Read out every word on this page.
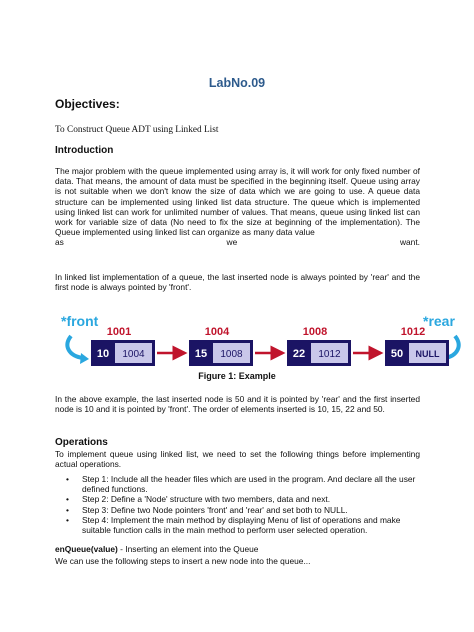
LabNo.09
Objectives:
To Construct Queue ADT using Linked List
Introduction
The major problem with the queue implemented using array is, it will work for only fixed number of data. That means, the amount of data must be specified in the beginning itself. Queue using array is not suitable when we don't know the size of data which we are going to use. A queue data structure can be implemented using linked list data structure. The queue which is implemented using linked list can work for unlimited number of values. That means, queue using linked list can work for variable size of data (No need to fix the size at beginning of the implementation). The Queue implemented using linked list can organize as many data value
as	we	want.
In linked list implementation of a queue, the last inserted node is always pointed by 'rear' and the first node is always pointed by 'front'.
*front	*rear
1001
10 1004
1004
15 1008
1008
22 1012
1012
50 NULL
Figure 1: Example
In the above example, the last inserted node is 50 and it is pointed by 'rear' and the first inserted node is 10 and it is pointed by 'front'. The order of elements inserted is 10, 15, 22 and 50.
Operations
To implement queue using linked list, we need to set the following things before implementing actual operations.
• Step 1: Include all the header files which are used in the program. And declare all the user defined functions.
• Step 2: Define a 'Node' structure with two members, data and next.
• Step 3: Define two Node pointers 'front' and 'rear' and set both to NULL.
• Step 4: Implement the main method by displaying Menu of list of operations and make suitable function calls in the main method to perform user selected operation.
enQueue(value) - Inserting an element into the Queue
We can use the following steps to insert a new node into the queue...
